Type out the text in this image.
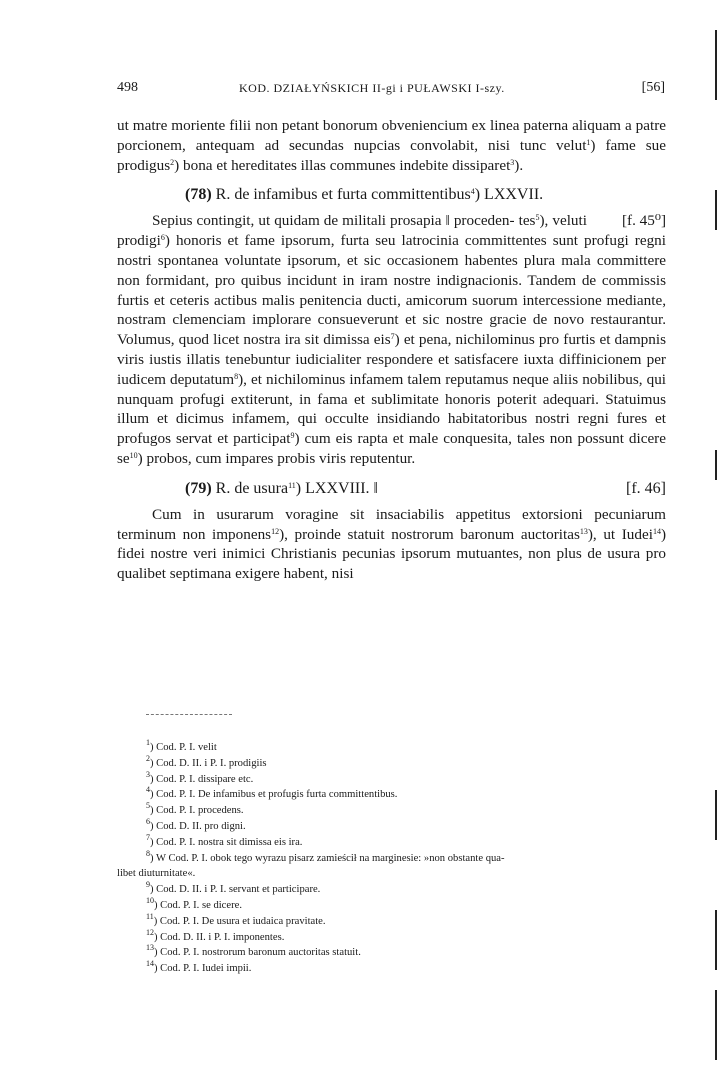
498	KOD. DZIAŁYŃSKICH II-gi i PUŁAWSKI I-szy.	[56]

ut matre moriente filii non petant bonorum obveniencium ex linea paterna aliquam a patre porcionem, antequam ad secundas nupcias convolabit, nisi tunc velut$^1$) fame sue prodigus$^2$) bona et hereditates illas communes indebite dissiparet$^3$).

(78) R. de infamibus et furta committentibus$^4$) LXXVII.

[f. 45⁰]
Sepius contingit, ut quidam de militali prosapia ‖ proceden- tes$^5$), veluti prodigi$^6$) honoris et fame ipsorum, furta seu latrocinia committentes sunt profugi regni nostri spontanea voluntate ipsorum, et sic occasionem habentes plura mala committere non formidant, pro quibus incidunt in iram nostre indignacionis. Tandem de commissis furtis et ceteris actibus malis penitencia ducti, amicorum suorum intercessione mediante, nostram clemenciam implorare consueverunt et sic nostre gracie de novo restaurantur. Volumus, quod licet nostra ira sit dimissa eis$^7$) et pena, nichilominus pro furtis et dampnis viris iustis illatis tenebuntur iudicialiter respondere et satisfacere iuxta diffinicionem per iudicem deputatum$^8$), et nichilominus infamem talem reputamus neque aliis nobilibus, qui nunquam profugi extiterunt, in fama et sublimitate honoris poterit adequari. Statuimus illum et dicimus infamem, qui occulte insidiando habitatoribus nostri regni fures et profugos servat et participat$^9$) cum eis rapta et male conquesita, tales non possunt dicere $se^{10}$) probos, cum impares probis viris reputentur.

(79) R. de usura$^{11}$) LXXVIII. ‖	[f. 46]

Cum in usurarum voragine sit insaciabilis appetitus extorsioni pecuniarum terminum non imponens$^{12}$), proinde statuit nostrorum baronum auctoritas$^{13}$), ut Iudei$^{14}$) fidei nostre veri inimici Christianis pecunias ipsorum mutuantes, non plus de usura pro qualibet septimana exigere habent, nisi

$^1$) Cod. P. I. velit
$^2$) Cod. D. II. i P. I. prodigiis
$^3$) Cod. P. I. dissipare etc.
$^4$) Cod. P. I. De infamibus et profugis furta committentibus.
$^5$) Cod. P. I. procedens.
$^6$) Cod. D. II. pro digni.
$^7$) Cod. P. I. nostra sit dimissa eis ira.
$^8$) W Cod. P. I. obok tego wyrazu pisarz zamieścił na marginesie: »non obstante qua-
libet diuturnitate«.
$^9$) Cod. D. II. i P. I. servant et participare.
$^{10}$) Cod. P. I. se dicere.
$^{11}$) Cod. P. I. De usura et iudaica pravitate.
$^{12}$) Cod. D. II. i P. I. imponentes.
$^{13}$) Cod. P. I. nostrorum baronum auctoritas statuit.
$^{14}$) Cod. P. I. Iudei impii.
